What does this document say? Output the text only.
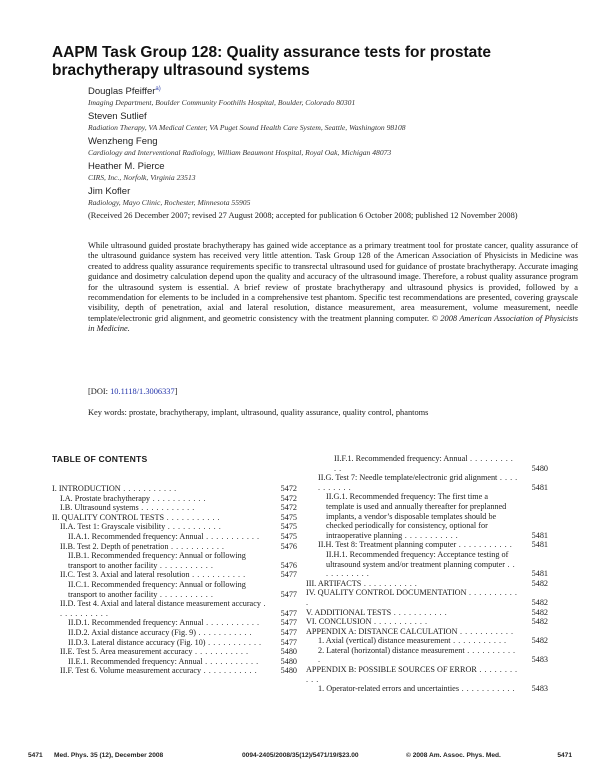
AAPM Task Group 128: Quality assurance tests for prostate brachytherapy ultrasound systems
Douglas Pfeiffer$^{a)}$
Imaging Department, Boulder Community Foothills Hospital, Boulder, Colorado 80301
Steven Sutlief
Radiation Therapy, VA Medical Center, VA Puget Sound Health Care System, Seattle, Washington 98108
Wenzheng Feng
Cardiology and Interventional Radiology, William Beaumont Hospital, Royal Oak, Michigan 48073
Heather M. Pierce
CIRS, Inc., Norfolk, Virginia 23513
Jim Kofler
Radiology, Mayo Clinic, Rochester, Minnesota 55905
(Received 26 December 2007; revised 27 August 2008; accepted for publication 6 October 2008; published 12 November 2008)
While ultrasound guided prostate brachytherapy has gained wide acceptance as a primary treatment tool for prostate cancer, quality assurance of the ultrasound guidance system has received very little attention. Task Group 128 of the American Association of Physicists in Medicine was created to address quality assurance requirements specific to transrectal ultrasound used for guidance of prostate brachytherapy. Accurate imaging guidance and dosimetry calculation depend upon the quality and accuracy of the ultrasound image. Therefore, a robust quality assurance program for the ultrasound system is essential. A brief review of prostate brachytherapy and ultrasound physics is provided, followed by a recommendation for elements to be included in a comprehensive test phantom. Specific test recommendations are presented, covering grayscale visibility, depth of penetration, axial and lateral resolution, distance measurement, area measurement, volume measurement, needle template/electronic grid alignment, and geometric consistency with the treatment planning computer. © 2008 American Association of Physicists in Medicine.
[DOI: 10.1118/1.3006337]
Key words: prostate, brachytherapy, implant, ultrasound, quality assurance, quality control, phantoms
TABLE OF CONTENTS
I. INTRODUCTION . . . . . . . . . . .	5472
I.A. Prostate brachytherapy . . . . . . . . . . .	5472
I.B. Ultrasound systems . . . . . . . . . . .	5472
II. QUALITY CONTROL TESTS . . . . . . . . . . .	5475
II.A. Test 1: Grayscale visibility . . . . . . . . . . .	5475
II.A.1. Recommended frequency: Annual . . . . . . . . . . .	5475
II.B. Test 2. Depth of penetration . . . . . . . . . . .	5476
II.B.1. Recommended frequency: Annual or following transport to another facility . . . . . . . . . . .	5476
II.C. Test 3. Axial and lateral resolution . . . . . . . . . . .	5477
II.C.1. Recommended frequency: Annual or following transport to another facility . . . . . . . . . . .	5477
II.D. Test 4. Axial and lateral distance measurement accuracy . . . . . . . . . . .	5477
II.D.1. Recommended frequency: Annual . . . . . . . . . . .	5477
II.D.2. Axial distance accuracy (Fig. 9) . . . . . . . . . . .	5477
II.D.3. Lateral distance accuracy (Fig. 10) . . . . . . . . . . .	5477
II.E. Test 5. Area measurement accuracy . . . . . . . . . . .	5480
II.E.1. Recommended frequency: Annual . . . . . . . . . . .	5480
II.F. Test 6. Volume measurement accuracy . . . . . . . . . . .	5480
II.F.1. Recommended frequency: Annual . . . . . . . . . . .	5480
II.G. Test 7: Needle template/electronic grid alignment . . . . . . . . . . .	5481
II.G.1. Recommended frequency: The first time a template is used and annually thereafter for preplanned implants, a vendor’s disposable templates should be checked periodically for consistency, optional for intraoperative planning . . . . . . . . . . .	5481
II.H. Test 8: Treatment planning computer . . . . . . . . . . .	5481
II.H.1. Recommended frequency: Acceptance testing of ultrasound system and/or treatment planning computer . . . . . . . . . . .	5481
III. ARTIFACTS . . . . . . . . . . .	5482
IV. QUALITY CONTROL DOCUMENTATION . . . . . . . . . . .	5482
V. ADDITIONAL TESTS . . . . . . . . . . .	5482
VI. CONCLUSION . . . . . . . . . . .	5482
APPENDIX A: DISTANCE CALCULATION . . . . . . . . . . .
1. Axial (vertical) distance measurement . . . . . . . . . . .	5482
2. Lateral (horizontal) distance measurement . . . . . . . . . . .	5483
APPENDIX B: POSSIBLE SOURCES OF ERROR . . . . . . . . . . .
1. Operator-related errors and uncertainties . . . . . . . . . . .	5483
5471 Med. Phys. 35 (12), December 2008	0094-2405/2008/35(12)/5471/19/$23.00	© 2008 Am. Assoc. Phys. Med.	5471
